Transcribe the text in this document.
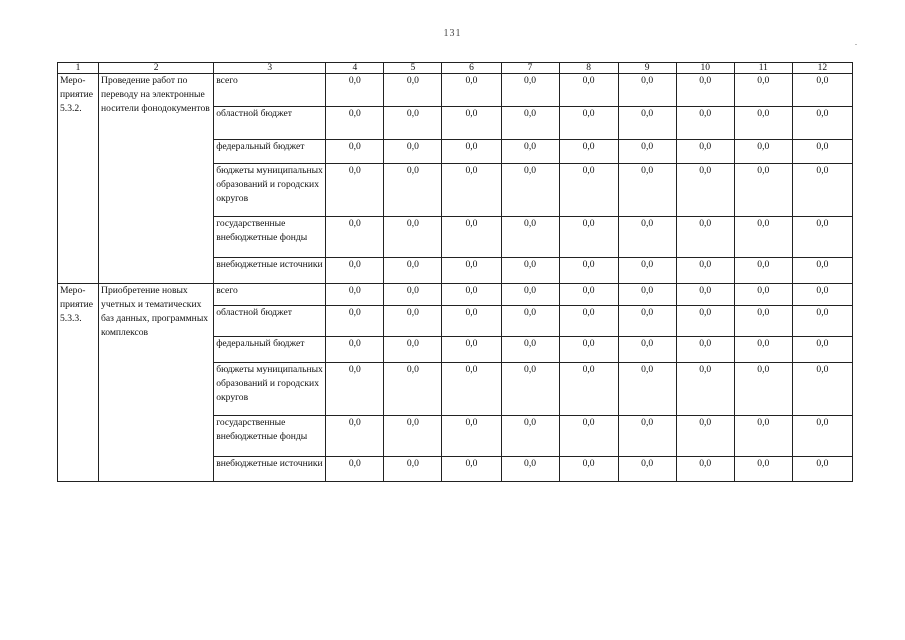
131
1	2	3	4	5	6	7	8	9	10	11	12
Меро-
приятие
5.3.2.	Проведение работ по переводу на электронные носители фонодокументов	всего	0,0	0,0	0,0	0,0	0,0	0,0	0,0	0,0	0,0
		областной бюджет	0,0	0,0	0,0	0,0	0,0	0,0	0,0	0,0	0,0
		федеральный бюджет	0,0	0,0	0,0	0,0	0,0	0,0	0,0	0,0	0,0
		бюджеты муниципальных образований и городских округов	0,0	0,0	0,0	0,0	0,0	0,0	0,0	0,0	0,0
		государственные внебюджетные фонды	0,0	0,0	0,0	0,0	0,0	0,0	0,0	0,0	0,0
		внебюджетные источники	0,0	0,0	0,0	0,0	0,0	0,0	0,0	0,0	0,0
Меро-
приятие
5.3.3.	Приобретение новых учетных и тематических баз данных, программных комплексов	всего	0,0	0,0	0,0	0,0	0,0	0,0	0,0	0,0	0,0
		областной бюджет	0,0	0,0	0,0	0,0	0,0	0,0	0,0	0,0	0,0
		федеральный бюджет	0,0	0,0	0,0	0,0	0,0	0,0	0,0	0,0	0,0
		бюджеты муниципальных образований и городских округов	0,0	0,0	0,0	0,0	0,0	0,0	0,0	0,0	0,0
		государственные внебюджетные фонды	0,0	0,0	0,0	0,0	0,0	0,0	0,0	0,0	0,0
		внебюджетные источники	0,0	0,0	0,0	0,0	0,0	0,0	0,0	0,0	0,0
